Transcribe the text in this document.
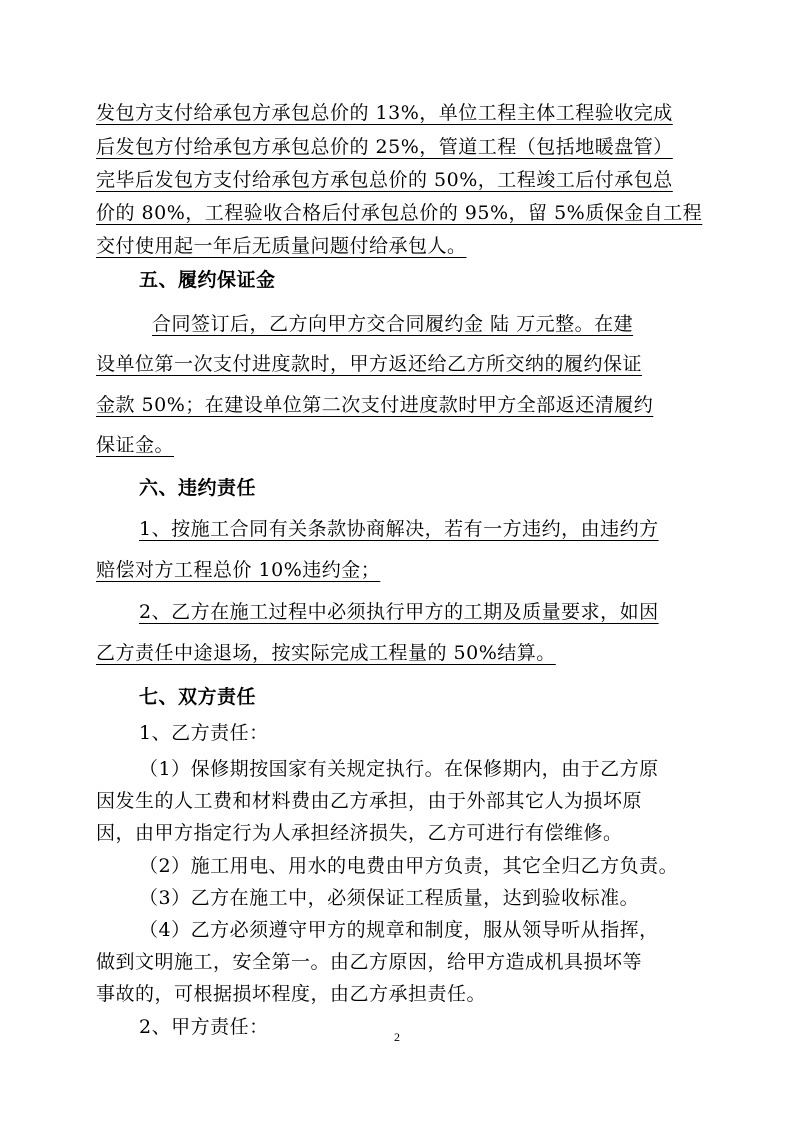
发包方支付给承包方承包总价的 13%，单位工程主体工程验收完成
后发包方付给承包方承包总价的 25%，管道工程（包括地暖盘管）
完毕后发包方支付给承包方承包总价的 50%，工程竣工后付承包总
价的 80%，工程验收合格后付承包总价的 95%，留 5%质保金自工程
交付使用起一年后无质量问题付给承包人。
五、履约保证金
合同签订后，乙方向甲方交合同履约金 陆 万元整。在建
设单位第一次支付进度款时，甲方返还给乙方所交纳的履约保证
金款 50%；在建设单位第二次支付进度款时甲方全部返还清履约
保证金。
六、违约责任
1、按施工合同有关条款协商解决，若有一方违约，由违约方
赔偿对方工程总价 10%违约金；
2、乙方在施工过程中必须执行甲方的工期及质量要求，如因
乙方责任中途退场，按实际完成工程量的 50%结算。
七、双方责任
1、乙方责任：
（1）保修期按国家有关规定执行。在保修期内，由于乙方原
因发生的人工费和材料费由乙方承担，由于外部其它人为损坏原
因，由甲方指定行为人承担经济损失，乙方可进行有偿维修。
（2）施工用电、用水的电费由甲方负责，其它全归乙方负责。
（3）乙方在施工中，必须保证工程质量，达到验收标准。
（4）乙方必须遵守甲方的规章和制度，服从领导听从指挥，
做到文明施工，安全第一。由乙方原因，给甲方造成机具损坏等
事故的，可根据损坏程度，由乙方承担责任。
2、甲方责任：	2
